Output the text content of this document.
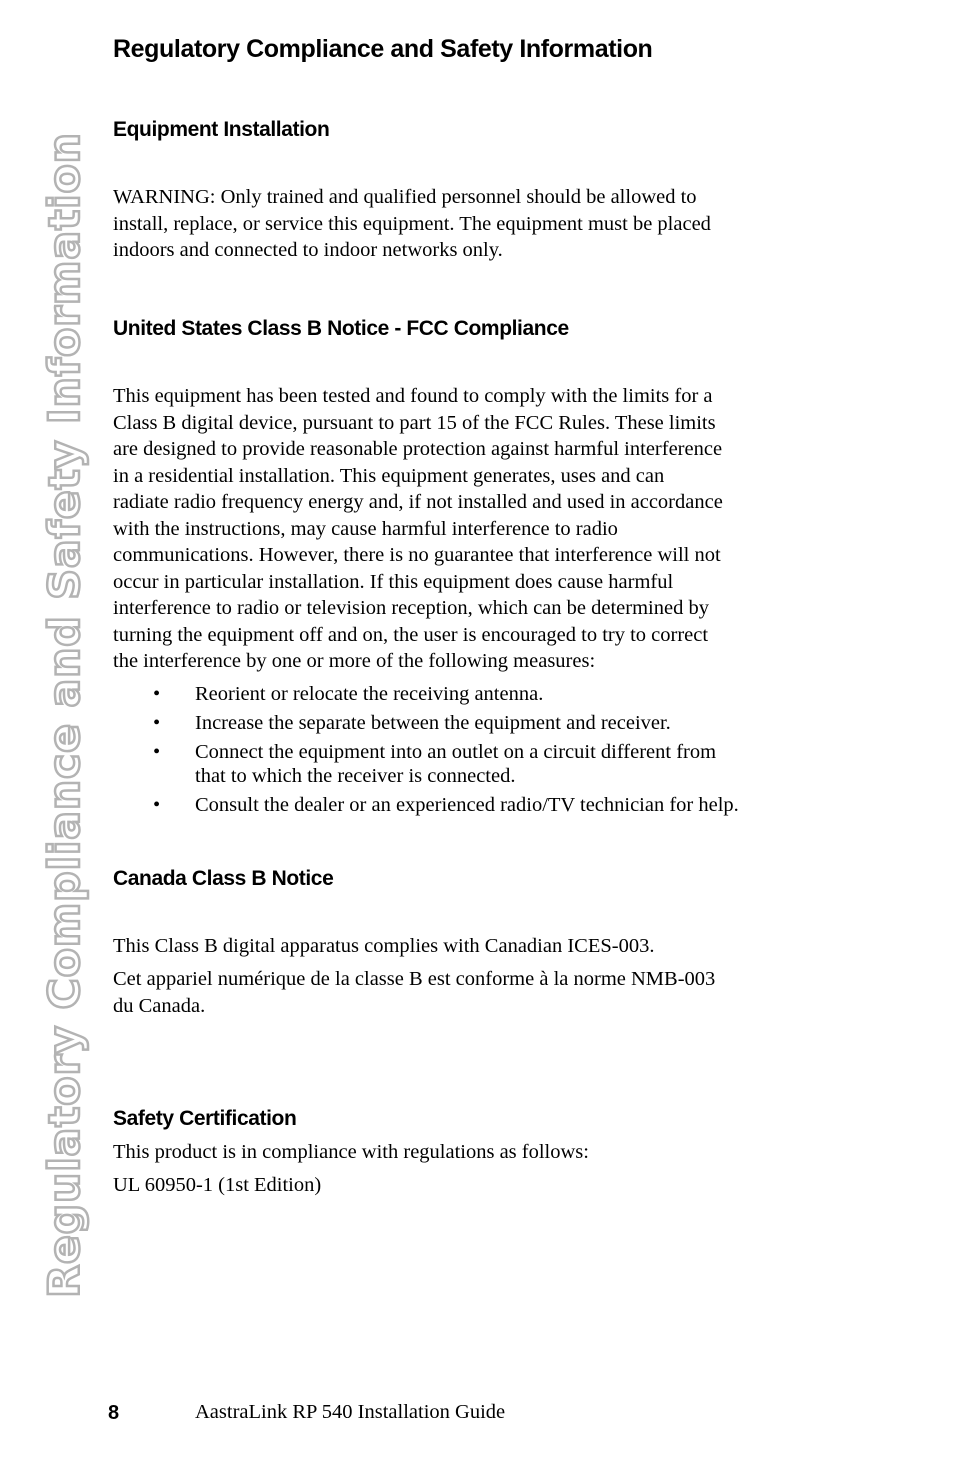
Regulatory Compliance and Safety Information
Regulatory Compliance and Safety Information
Equipment Installation
WARNING: Only trained and qualified personnel should be allowed to
install, replace, or service this equipment. The equipment must be placed
indoors and connected to indoor networks only.
United States Class B Notice - FCC Compliance
This equipment has been tested and found to comply with the limits for a
Class B digital device, pursuant to part 15 of the FCC Rules. These limits
are designed to provide reasonable protection against harmful interference
in a residential installation. This equipment generates, uses and can
radiate radio frequency energy and, if not installed and used in accordance
with the instructions, may cause harmful interference to radio
communications. However, there is no guarantee that interference will not
occur in particular installation. If this equipment does cause harmful
interference to radio or television reception, which can be determined by
turning the equipment off and on, the user is encouraged to try to correct
the interference by one or more of the following measures:
• Reorient or relocate the receiving antenna.
• Increase the separate between the equipment and receiver.
• Connect the equipment into an outlet on a circuit different from
that to which the receiver is connected.
• Consult the dealer or an experienced radio/TV technician for help.
Canada Class B Notice
This Class B digital apparatus complies with Canadian ICES-003.
Cet appariel numérique de la classe B est conforme à la norme NMB-003
du Canada.
Safety Certification
This product is in compliance with regulations as follows:
UL 60950-1 (1st Edition)
8	AastraLink RP 540 Installation Guide
